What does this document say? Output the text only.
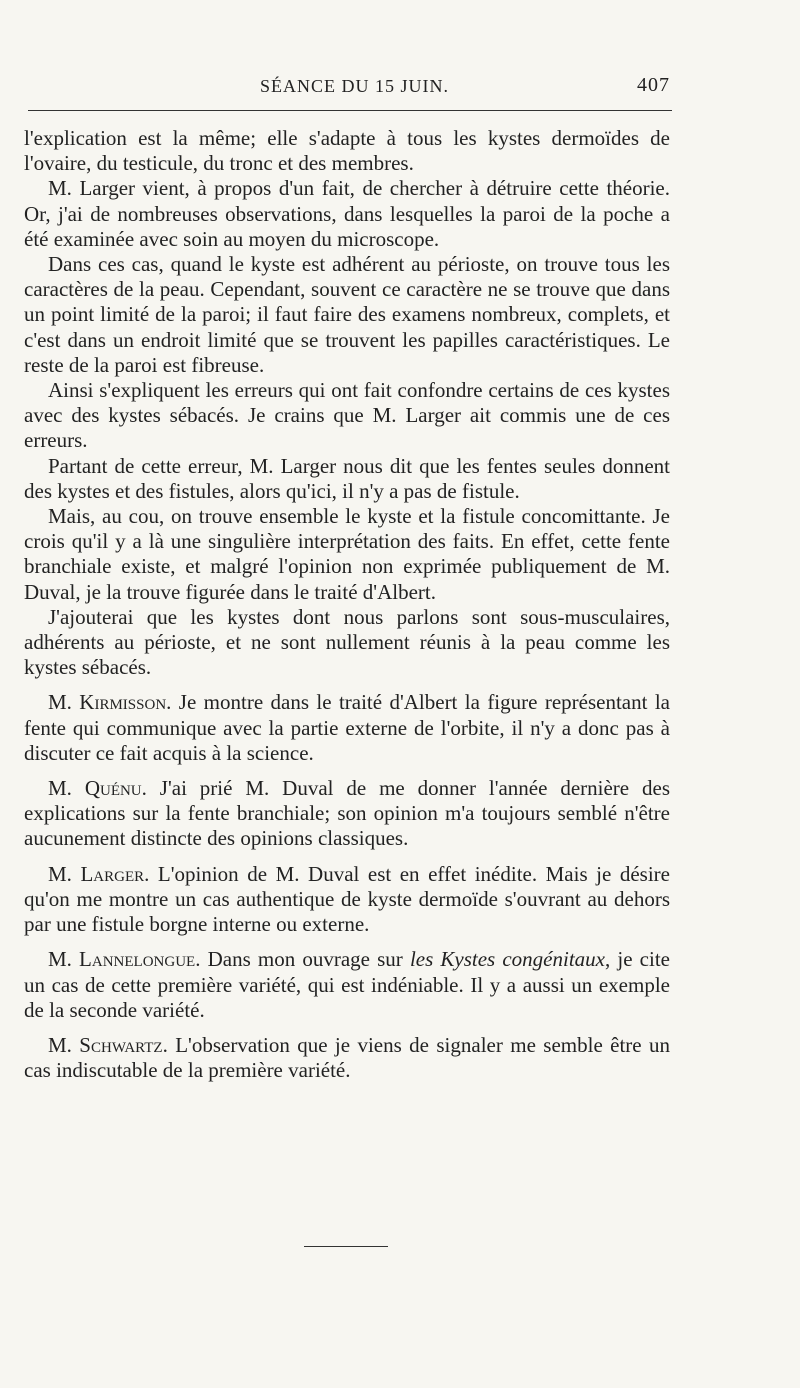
SÉANCE DU 15 JUIN.	407

l'explication est la même; elle s'adapte à tous les kystes dermoïdes de l'ovaire, du testicule, du tronc et des membres.

M. Larger vient, à propos d'un fait, de chercher à détruire cette théorie. Or, j'ai de nombreuses observations, dans lesquelles la paroi de la poche a été examinée avec soin au moyen du microscope.

Dans ces cas, quand le kyste est adhérent au périoste, on trouve tous les caractères de la peau. Cependant, souvent ce caractère ne se trouve que dans un point limité de la paroi; il faut faire des examens nombreux, complets, et c'est dans un endroit limité que se trouvent les papilles caractéristiques. Le reste de la paroi est fibreuse.

Ainsi s'expliquent les erreurs qui ont fait confondre certains de ces kystes avec des kystes sébacés. Je crains que M. Larger ait commis une de ces erreurs.

Partant de cette erreur, M. Larger nous dit que les fentes seules donnent des kystes et des fistules, alors qu'ici, il n'y a pas de fistule.

Mais, au cou, on trouve ensemble le kyste et la fistule concomittante. Je crois qu'il y a là une singulière interprétation des faits. En effet, cette fente branchiale existe, et malgré l'opinion non exprimée publiquement de M. Duval, je la trouve figurée dans le traité d'Albert.

J'ajouterai que les kystes dont nous parlons sont sous-musculaires, adhérents au périoste, et ne sont nullement réunis à la peau comme les kystes sébacés.

M. Kirmisson. Je montre dans le traité d'Albert la figure représentant la fente qui communique avec la partie externe de l'orbite, il n'y a donc pas à discuter ce fait acquis à la science.

M. Quénu. J'ai prié M. Duval de me donner l'année dernière des explications sur la fente branchiale; son opinion m'a toujours semblé n'être aucunement distincte des opinions classiques.

M. Larger. L'opinion de M. Duval est en effet inédite. Mais je désire qu'on me montre un cas authentique de kyste dermoïde s'ouvrant au dehors par une fistule borgne interne ou externe.

M. Lannelongue. Dans mon ouvrage sur les Kystes congénitaux, je cite un cas de cette première variété, qui est indéniable. Il y a aussi un exemple de la seconde variété.

M. Schwartz. L'observation que je viens de signaler me semble être un cas indiscutable de la première variété.
